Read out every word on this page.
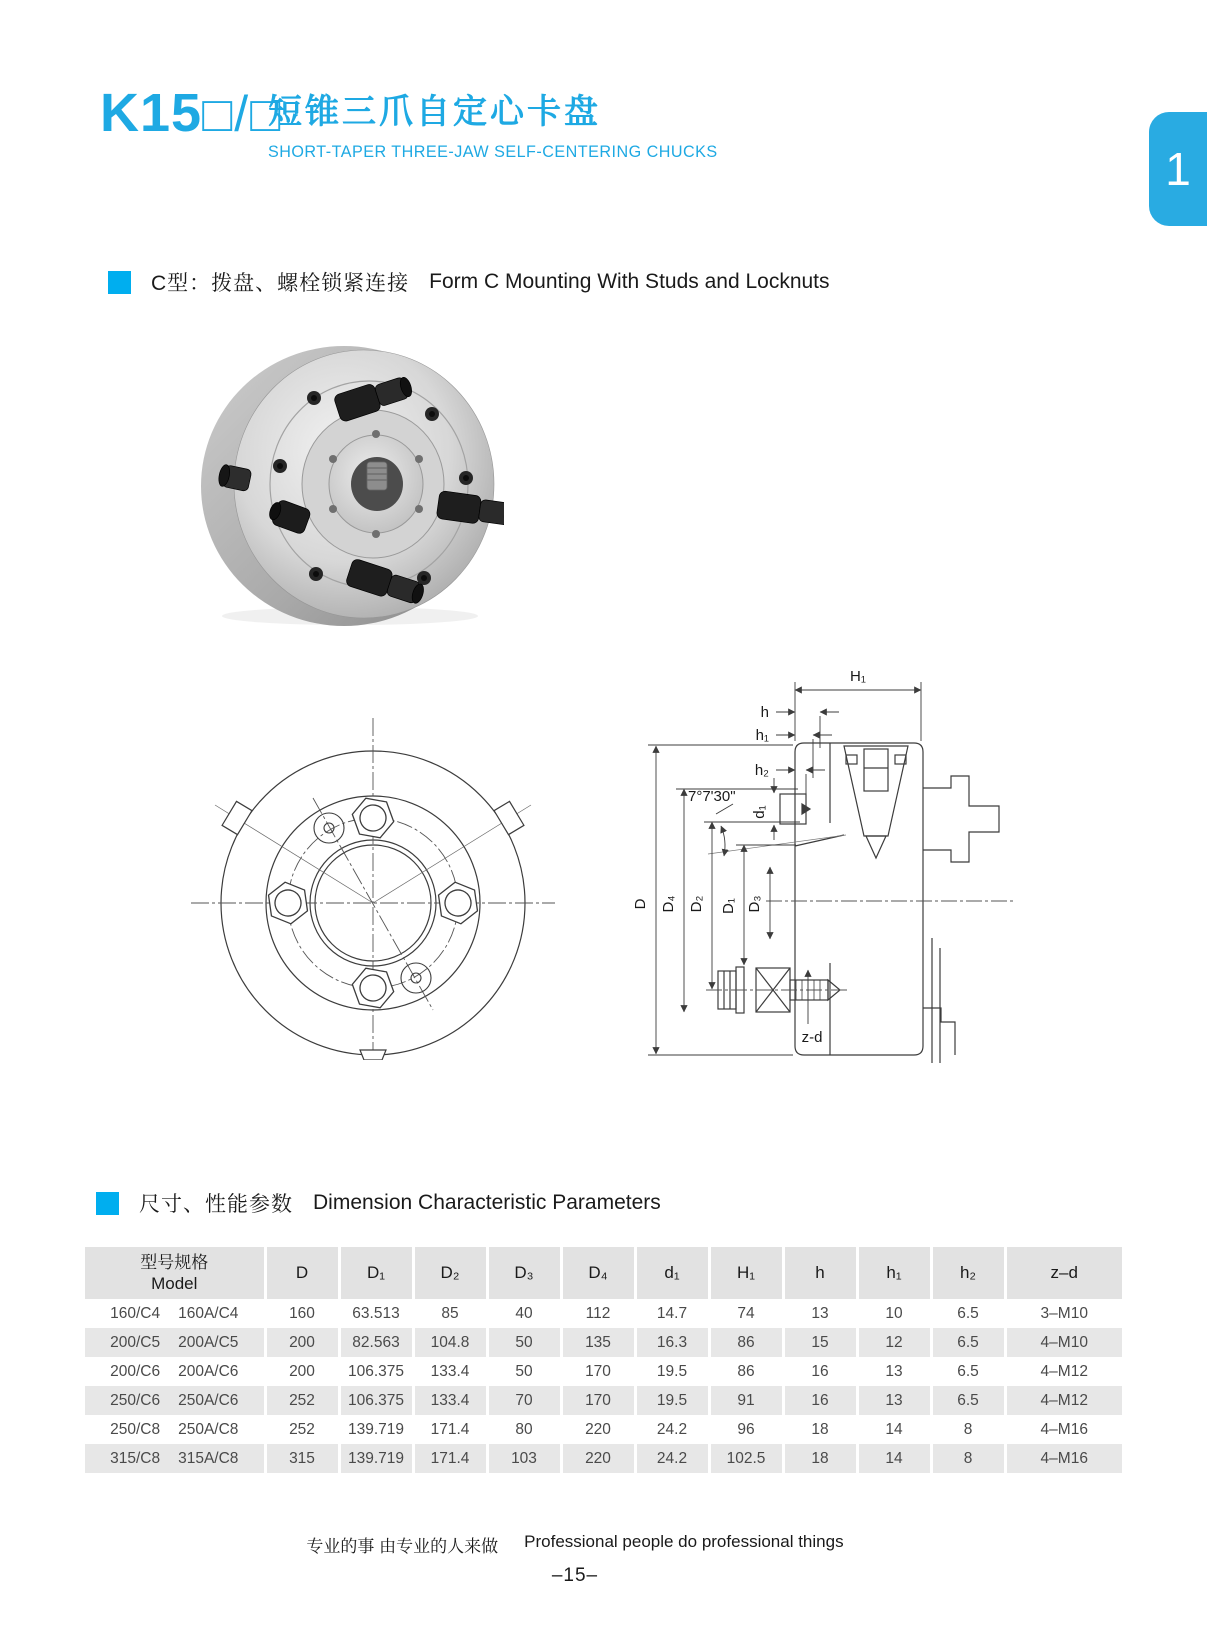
K15□/□
短锥三爪自定心卡盘
SHORT-TAPER THREE-JAW SELF-CENTERING CHUCKS	1
C型：拨盘、螺栓锁紧连接 Form C Mounting With Studs and Locknuts
H₁
h
h₁
h₂
7°7'30"
d₁
D D₄ D₂ D₁ D₃
z-d
尺寸、性能参数 Dimension Characteristic Parameters
型号规格
Model	D	D₁	D₂	D₃	D₄	d₁	H₁	h	h₁	h₂	z–d

160/C4 160A/C4	160	63.513	85	40	112	14.7	74	13	10	6.5	3–M10

200/C5 200A/C5	200	82.563	104.8	50	135	16.3	86	15	12	6.5	4–M10

200/C6 200A/C6	200	106.375	133.4	50	170	19.5	86	16	13	6.5	4–M12

250/C6 250A/C6	252	106.375	133.4	70	170	19.5	91	16	13	6.5	4–M12

250/C8 250A/C8	252	139.719	171.4	80	220	24.2	96	18	14	8	4–M16

315/C8 315A/C8	315	139.719	171.4	103	220	24.2	102.5	18	14	8	4–M16
专业的事 由专业的人来做 Professional people do professional things
–15–
